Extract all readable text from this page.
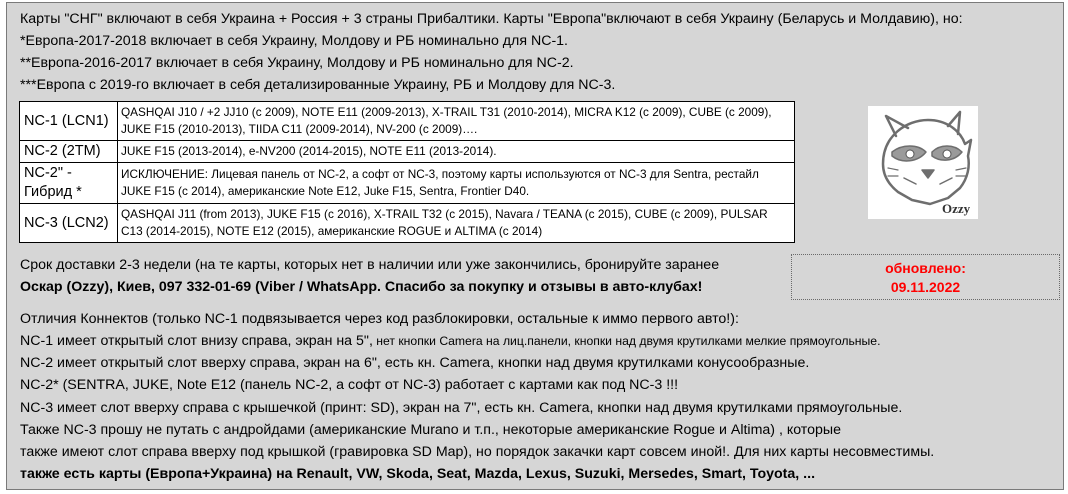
Карты "СНГ" включают в себя Украина + Россия + 3 страны Прибалтики. Карты "Европа"включают в себя Украину (Беларусь и Молдавию), но:
*Европа-2017-2018 включает в себя Украину, Молдову и РБ номинально для NC-1.
**Европа-2016-2017 включает в себя Украину, Молдову и РБ номинально для NC-2.
***Европа с 2019-го включает в себя детализированные Украину, РБ и Молдову для NC-3.
NC-1 (LCN1)	QASHQAI J10 / +2 JJ10 (с 2009), NOTE E11 (2009-2013), X-TRAIL T31 (2010-2014), MICRA K12 (с 2009), CUBE (с 2009), JUKE F15 (2010-2013), TIIDA C11 (2009-2014), NV-200 (с 2009)….
NC-2 (2TM)	JUKE F15 (2013-2014), e-NV200 (2014-2015), NOTE E11 (2013-2014).
NC-2" - Гибрид *	ИСКЛЮЧЕНИЕ: Лицевая панель от NC-2, а софт от NC-3, поэтому карты используются от NC-3 для Sentra, рестайл JUKE F15 (с 2014), американские Note E12, Juke F15, Sentra, Frontier D40.
NC-3 (LCN2)	QASHQAI J11 (from 2013), JUKE F15 (с 2016), X-TRAIL T32 (с 2015), Navara / TEANA (с 2015), CUBE (с 2009), PULSAR C13 (2014-2015), NOTE E12 (2015), американские ROGUE и ALTIMA (с 2014)
Ozzy
Срок доставки 2-3 недели (на те карты, которых нет в наличии или уже закончились, бронируйте заранее
Оскар (Ozzy), Киев, 097 332-01-69 (Viber / WhatsApp. Спасибо за покупку и отзывы в авто-клубах!
обновлено:
09.11.2022
Отличия Коннектов (только NC-1 подвязывается через код разблокировки, остальные к иммо первого авто!):
NC-1 имеет открытый слот внизу справа, экран на 5", нет кнопки Camera на лиц.панели, кнопки над двумя крутилками мелкие прямоугольные.
NC-2 имеет открытый слот вверху справа, экран на 6", есть кн. Camera, кнопки над двумя крутилками конусообразные.
NC-2* (SENTRA, JUKE, Note E12 (панель NC-2, а софт от NC-3) работает с картами как под NC-3 !!!
NC-3 имеет слот вверху справа с крышечкой (принт: SD), экран на 7", есть кн. Camera, кнопки над двумя крутилками прямоугольные.
Также NC-3 прошу не путать с андройдами (американские Murano и т.п., некоторые американские Rogue и Altima) , которые
также имеют слот справа вверху под крышкой (гравировка SD Map), но порядок закачки карт совсем иной!. Для них карты несовместимы.
также есть карты (Европа+Украина) на Renault, VW, Skoda, Seat, Mazda, Lexus, Suzuki, Mersedes, Smart, Toyota, ...
